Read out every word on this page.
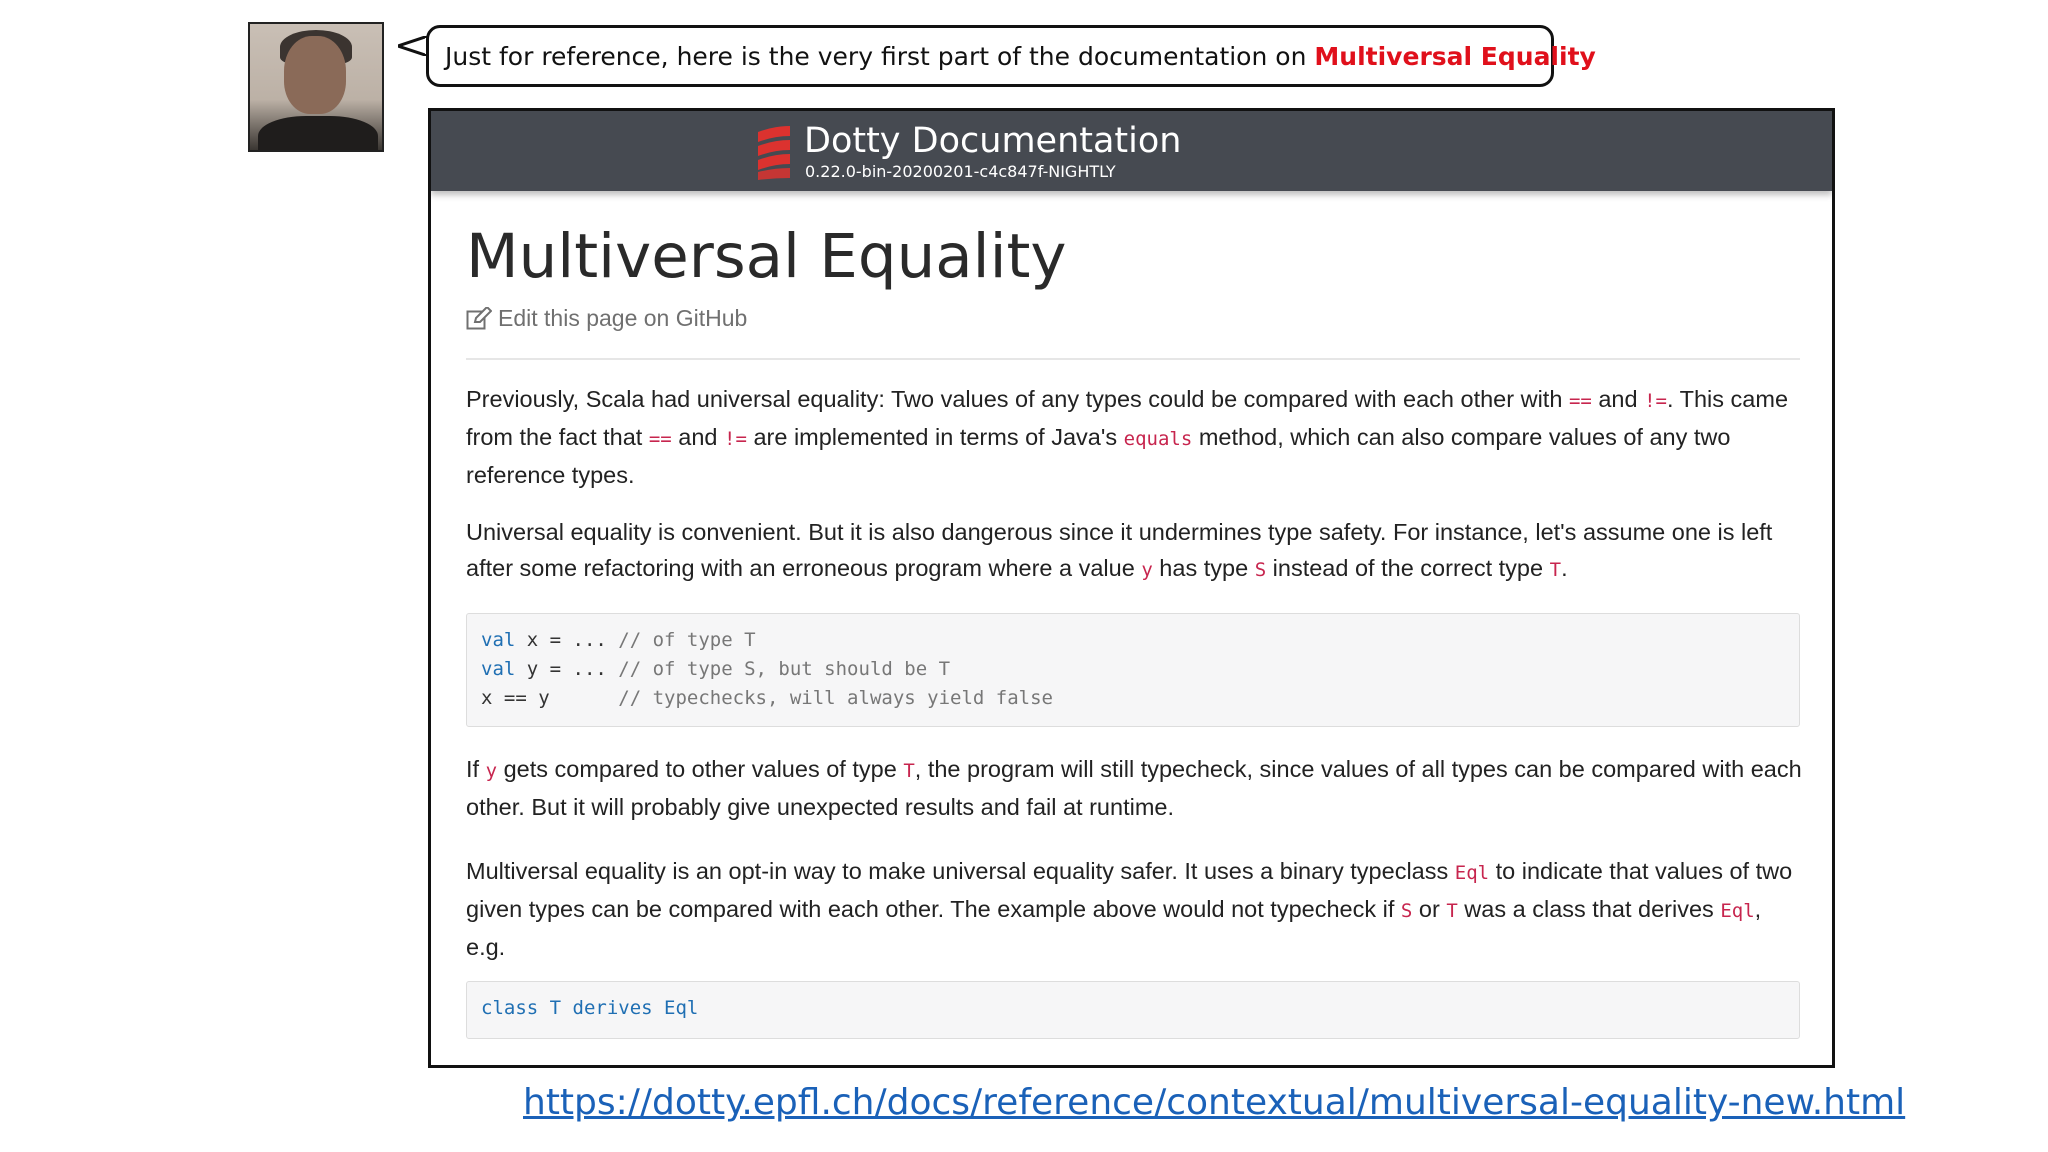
Just for reference, here is the very first part of the documentation on Multiversal Equality
Dotty Documentation
0.22.0-bin-20200201-c4c847f-NIGHTLY
Multiversal Equality
Edit this page on GitHub

Previously, Scala had universal equality: Two values of any types could be compared with each other with == and !=. This came from the fact that == and != are implemented in terms of Java's equals method, which can also compare values of any two reference types.

Universal equality is convenient. But it is also dangerous since it undermines type safety. For instance, let's assume one is left after some refactoring with an erroneous program where a value y has type S instead of the correct type T.

val x = ... // of type T
val y = ... // of type S, but should be T
x == y      // typechecks, will always yield false

If y gets compared to other values of type T, the program will still typecheck, since values of all types can be compared with each other. But it will probably give unexpected results and fail at runtime.

Multiversal equality is an opt-in way to make universal equality safer. It uses a binary typeclass Eql to indicate that values of two given types can be compared with each other. The example above would not typecheck if S or T was a class that derives Eql, e.g.

class T derives Eql
https://dotty.epfl.ch/docs/reference/contextual/multiversal-equality-new.html
